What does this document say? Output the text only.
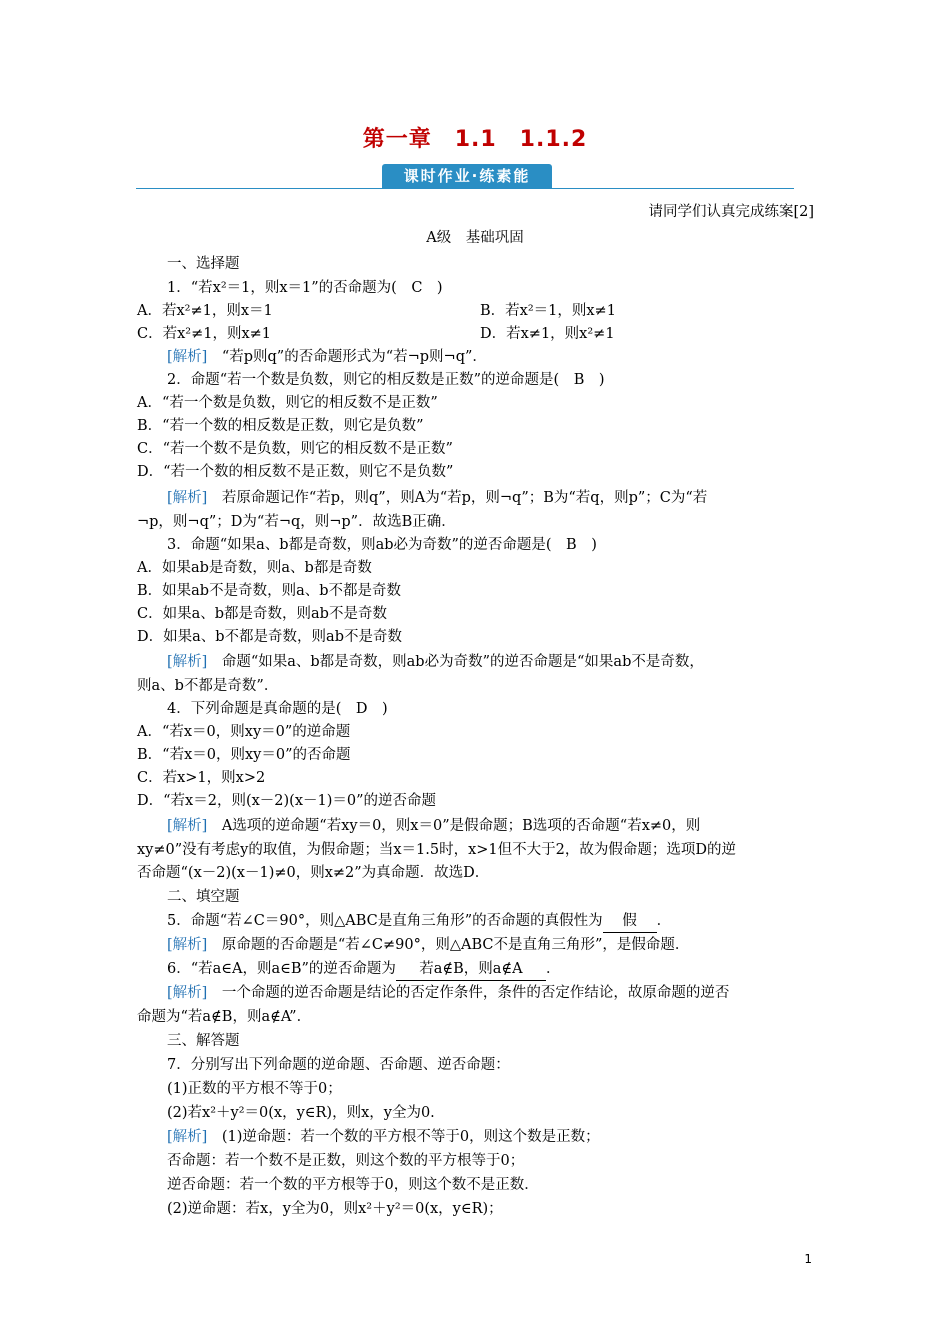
第一章　1.1　1.1.2
课时作业·练素能
请同学们认真完成练案[2]
A级　基础巩固
一、选择题
1．“若x²＝1，则x＝1”的否命题为(　C　)
A．若x²≠1，则x＝1	B．若x²＝1，则x≠1
C．若x²≠1，则x≠1	D．若x≠1，则x²≠1
[解析]　 “若p则q”的否命题形式为“若¬p则¬q”．
2．命题“若一个数是负数，则它的相反数是正数”的逆命题是(　B　)
A．“若一个数是负数，则它的相反数不是正数”
B．“若一个数的相反数是正数，则它是负数”
C．“若一个数不是负数，则它的相反数不是正数”
D．“若一个数的相反数不是正数，则它不是负数”
[解析]　 若原命题记作“若p，则q”，则A为“若p，则¬q”；B为“若q，则p”；C为“若
¬p，则¬q”；D为“若¬q，则¬p”．故选B正确．
3．命题“如果a、b都是奇数，则ab必为奇数”的逆否命题是(　B　)
A．如果ab是奇数，则a、b都是奇数
B．如果ab不是奇数，则a、b不都是奇数
C．如果a、b都是奇数，则ab不是奇数
D．如果a、b不都是奇数，则ab不是奇数
[解析]　 命题“如果a、b都是奇数，则ab必为奇数”的逆否命题是“如果ab不是奇数，
则a、b不都是奇数”．
4．下列命题是真命题的是(　D　)
A．“若x＝0，则xy＝0”的逆命题
B．“若x＝0，则xy＝0”的否命题
C．若x>1，则x>2
D．“若x＝2，则(x－2)(x－1)＝0”的逆否命题
[解析]　 A选项的逆命题“若xy＝0，则x＝0”是假命题；B选项的否命题“若x≠0，则
xy≠0”没有考虑y的取值，为假命题；当x＝1.5时，x>1但不大于2，故为假命题；选项D的逆
否命题“(x－2)(x－1)≠0，则x≠2”为真命题．故选D．
二、填空题
5．命题“若∠C＝90°，则△ABC是直角三角形”的否命题的真假性为 假 ．
[解析]　 原命题的否命题是“若∠C≠90°，则△ABC不是直角三角形”，是假命题．
6．“若a∈A，则a∈B”的逆否命题为 若a∉B，则a∉A ．
[解析]　 一个命题的逆否命题是结论的否定作条件，条件的否定作结论，故原命题的逆否
命题为“若a∉B，则a∉A”．
三、解答题
7．分别写出下列命题的逆命题、否命题、逆否命题：
(1)正数的平方根不等于0；
(2)若x²＋y²＝0(x，y∈R)，则x，y全为0.
[解析]　 (1)逆命题：若一个数的平方根不等于0，则这个数是正数；
否命题：若一个数不是正数，则这个数的平方根等于0；
逆否命题：若一个数的平方根等于0，则这个数不是正数．
(2)逆命题：若x，y全为0，则x²＋y²＝0(x，y∈R)；
1
